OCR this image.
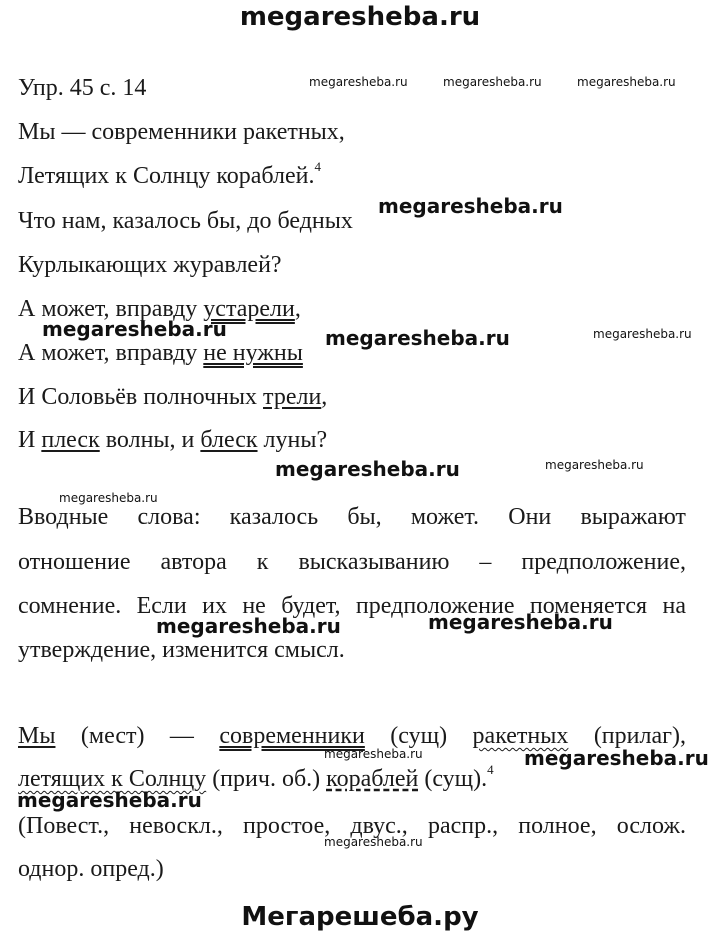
megaresheba.ru
Упр. 45 с. 14
Мы — современники ракетных,
Летящих к Солнцу кораблей.$^4$
Что нам, казалось бы, до бедных
Курлыкающих журавлей?
А может, вправду устарели,
А может, вправду не нужны
И Соловьёв полночных трели,
И плеск волны, и блеск луны?
Вводные слова: казалось бы, может. Они выражают
отношение автора к высказыванию – предположение,
сомнение. Если их не будет, предположение поменяется на
утверждение, изменится смысл.
Мы (мест) — современники (сущ) ракетных (прилаг),
летящих к Солнцу (прич. об.) кораблей (сущ).$^4$
(Повест., невоскл., простое, двус., распр., полное, ослож.
однор. опред.)
megaresheba.ru	megaresheba.ru	megaresheba.ru
megaresheba.ru
megaresheba.ru	megaresheba.ru	megaresheba.ru
megaresheba.ru	megaresheba.ru
megaresheba.ru
megaresheba.ru	megaresheba.ru
megaresheba.ru	megaresheba.ru
megaresheba.ru
megaresheba.ru
Мегарешеба.ру
